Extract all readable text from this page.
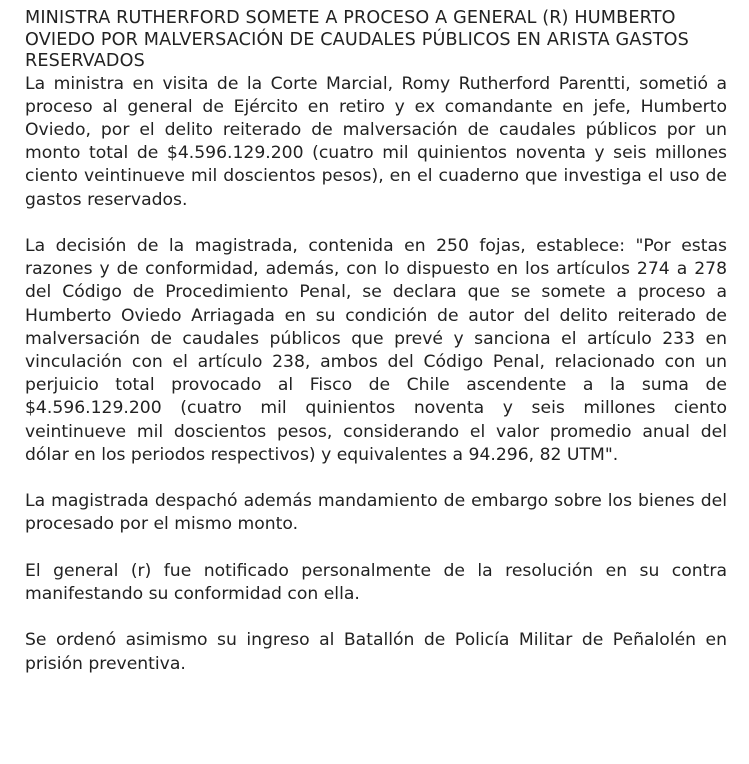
MINISTRA RUTHERFORD SOMETE A PROCESO A GENERAL (R) HUMBERTO OVIEDO POR MALVERSACIÓN DE CAUDALES PÚBLICOS EN ARISTA GASTOS RESERVADOS

La ministra en visita de la Corte Marcial, Romy Rutherford Parentti, sometió a proceso al general de Ejército en retiro y ex comandante en jefe, Humberto Oviedo, por el delito reiterado de malversación de caudales públicos por un monto total de $4.596.129.200 (cuatro mil quinientos noventa y seis millones ciento veintinueve mil doscientos pesos), en el cuaderno que investiga el uso de gastos reservados.

La decisión de la magistrada, contenida en 250 fojas, establece: "Por estas razones y de conformidad, además, con lo dispuesto en los artículos 274 a 278 del Código de Procedimiento Penal, se declara que se somete a proceso a Humberto Oviedo Arriagada en su condición de autor del delito reiterado de malversación de caudales públicos que prevé y sanciona el artículo 233 en vinculación con el artículo 238, ambos del Código Penal, relacionado con un perjuicio total provocado al Fisco de Chile ascendente a la suma de $4.596.129.200 (cuatro mil quinientos noventa y seis millones ciento veintinueve mil doscientos pesos, considerando el valor promedio anual del dólar en los periodos respectivos) y equivalentes a 94.296, 82 UTM".

La magistrada despachó además mandamiento de embargo sobre los bienes del procesado por el mismo monto.

El general (r) fue notificado personalmente de la resolución en su contra manifestando su conformidad con ella.

Se ordenó asimismo su ingreso al Batallón de Policía Militar de Peñalolén en prisión preventiva.
